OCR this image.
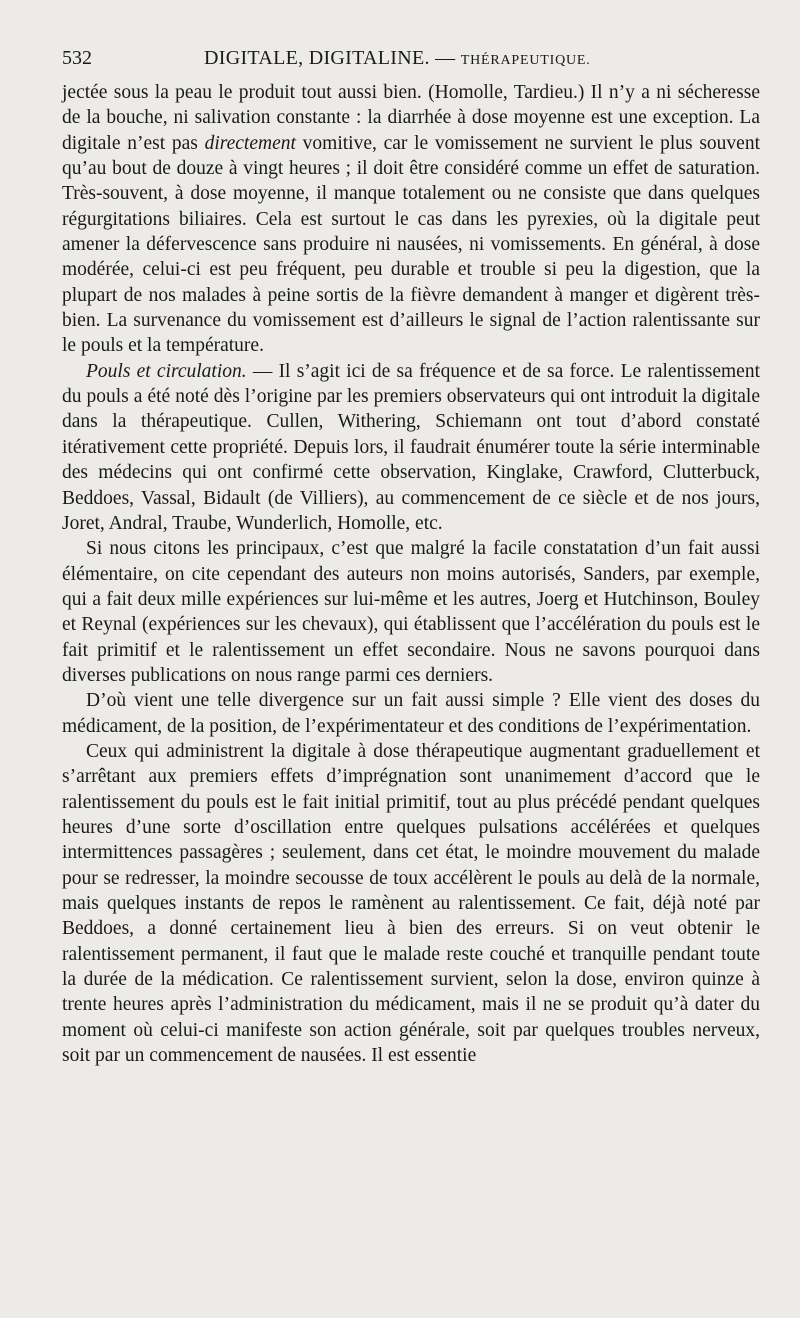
532	DIGITALE, DIGITALINE. — THÉRAPEUTIQUE.

jectée sous la peau le produit tout aussi bien. (Homolle, Tardieu.) Il n’y a ni sécheresse de la bouche, ni salivation constante : la diarrhée à dose moyenne est une exception. La digitale n’est pas directement vomitive, car le vomissement ne survient le plus souvent qu’au bout de douze à vingt heures ; il doit être considéré comme un effet de saturation. Très-souvent, à dose moyenne, il manque totalement ou ne consiste que dans quelques régurgitations biliaires. Cela est surtout le cas dans les pyrexies, où la digitale peut amener la défervescence sans produire ni nausées, ni vomissements. En général, à dose modérée, celui-ci est peu fréquent, peu durable et trouble si peu la digestion, que la plupart de nos malades à peine sortis de la fièvre demandent à manger et digèrent très-bien. La survenance du vomissement est d’ailleurs le signal de l’action ralentissante sur le pouls et la température.

Pouls et circulation. — Il s’agit ici de sa fréquence et de sa force. Le ralentissement du pouls a été noté dès l’origine par les premiers observateurs qui ont introduit la digitale dans la thérapeutique. Cullen, Withering, Schiemann ont tout d’abord constaté itérativement cette propriété. Depuis lors, il faudrait énumérer toute la série interminable des médecins qui ont confirmé cette observation, Kinglake, Crawford, Clutterbuck, Beddoes, Vassal, Bidault (de Villiers), au commencement de ce siècle et de nos jours, Joret, Andral, Traube, Wunderlich, Homolle, etc.

Si nous citons les principaux, c’est que malgré la facile constatation d’un fait aussi élémentaire, on cite cependant des auteurs non moins autorisés, Sanders, par exemple, qui a fait deux mille expériences sur lui-même et les autres, Joerg et Hutchinson, Bouley et Reynal (expériences sur les chevaux), qui établissent que l’accélération du pouls est le fait primitif et le ralentissement un effet secondaire. Nous ne savons pourquoi dans diverses publications on nous range parmi ces derniers.

D’où vient une telle divergence sur un fait aussi simple ? Elle vient des doses du médicament, de la position, de l’expérimentateur et des conditions de l’expérimentation.

Ceux qui administrent la digitale à dose thérapeutique augmentant graduellement et s’arrêtant aux premiers effets d’imprégnation sont unanimement d’accord que le ralentissement du pouls est le fait initial primitif, tout au plus précédé pendant quelques heures d’une sorte d’oscillation entre quelques pulsations accélérées et quelques intermittences passagères ; seulement, dans cet état, le moindre mouvement du malade pour se redresser, la moindre secousse de toux accélèrent le pouls au delà de la normale, mais quelques instants de repos le ramènent au ralentissement. Ce fait, déjà noté par Beddoes, a donné certainement lieu à bien des erreurs. Si on veut obtenir le ralentissement permanent, il faut que le malade reste couché et tranquille pendant toute la durée de la médication. Ce ralentissement survient, selon la dose, environ quinze à trente heures après l’administration du médicament, mais il ne se produit qu’à dater du moment où celui-ci manifeste son action générale, soit par quelques troubles nerveux, soit par un commencement de nausées. Il est essentie
